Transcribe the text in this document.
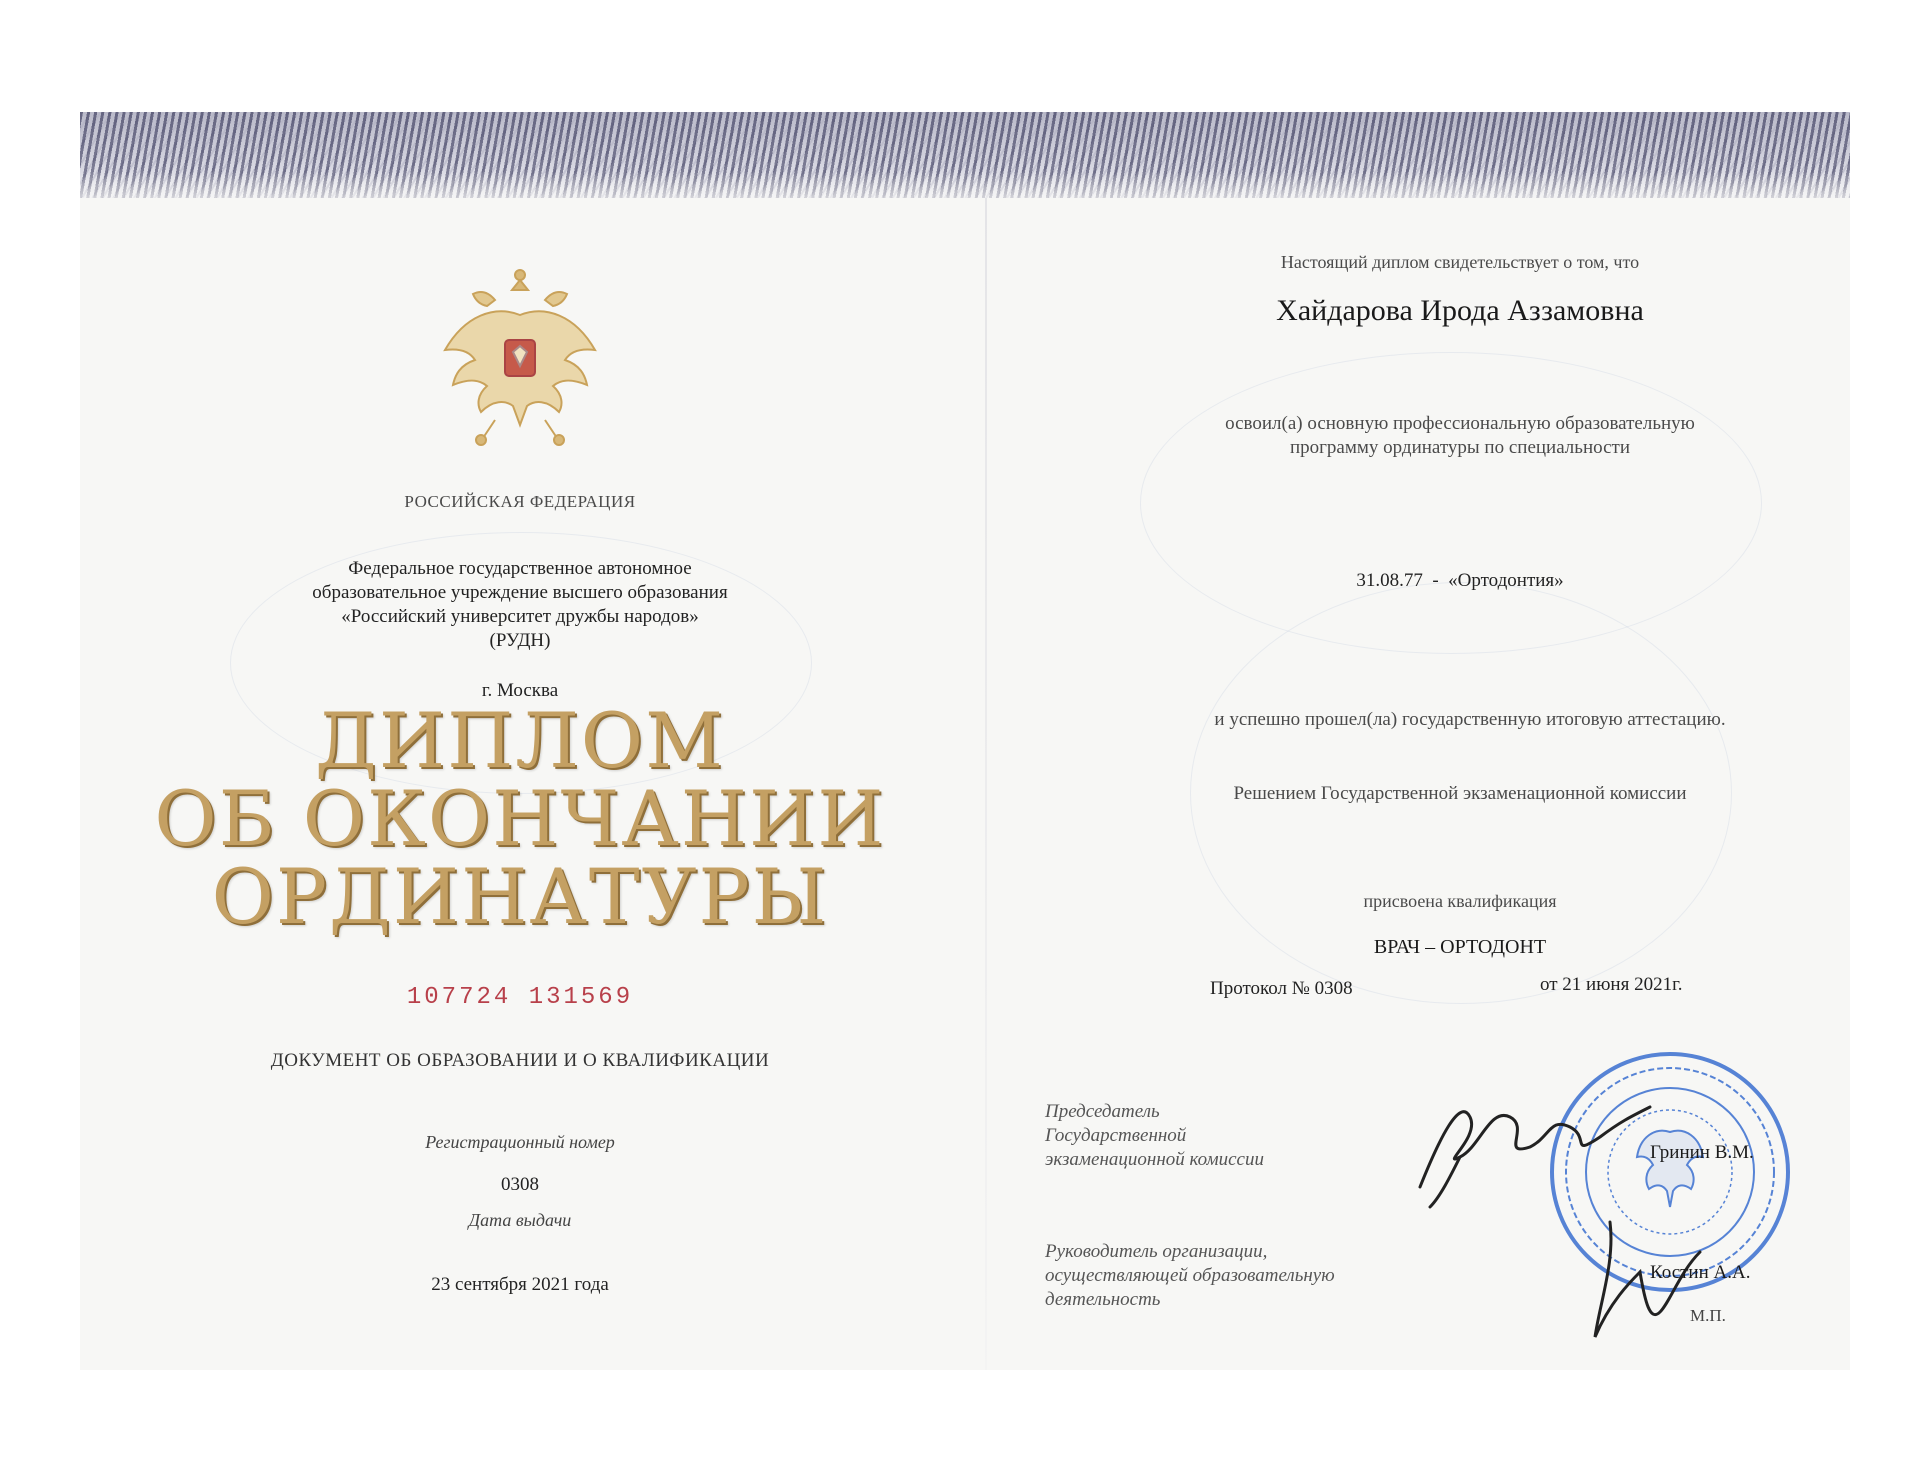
РОССИЙСКАЯ ФЕДЕРАЦИЯ
Федеральное государственное автономное
образовательное учреждение высшего образования
«Российский университет дружбы народов»
(РУДН)
г. Москва
ДИПЛОМ
ОБ ОКОНЧАНИИ
ОРДИНАТУРЫ
107724 131569
ДОКУМЕНТ ОБ ОБРАЗОВАНИИ И О КВАЛИФИКАЦИИ
Регистрационный номер
0308
Дата выдачи
23 сентября 2021 года
Настоящий диплом свидетельствует о том, что
Хайдарова Ирода Аззамовна
освоил(а) основную профессиональную образовательную
программу ординатуры по специальности
31.08.77  -  «Ортодонтия»
и успешно прошел(ла) государственную итоговую аттестацию.
Решением Государственной экзаменационной комиссии
присвоена квалификация
ВРАЧ – ОРТОДОНТ
Протокол № 0308	от 21 июня 2021г.
Председатель
Государственной
экзаменационной комиссии
Руководитель организации,
осуществляющей образовательную
деятельность
Гринин В.М.
Костин А.А.
М.П.
